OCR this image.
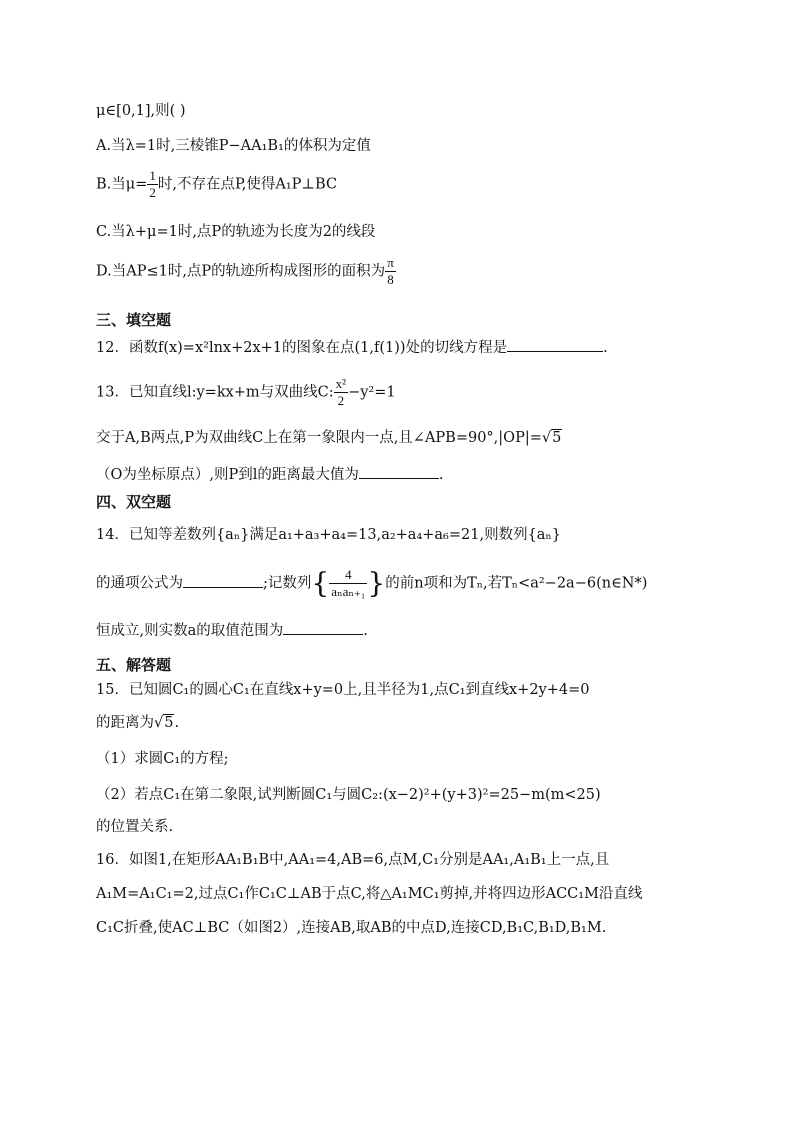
μ∈[0,1],则( )
A.当λ=1时,三棱锥P−AA₁B₁的体积为定值
B.当$\mu= \frac{1}{2}$ 时,不存在点P,使得A₁P⊥BC
C.当λ+μ=1时,点P的轨迹为长度为2的线段
D.当AP≤1时,点P的轨迹所构成图形的面积为 $\frac{\pi}{8}$
三、填空题
12．函数f(x)=x²lnx+2x+1的图象在点(1,f(1))处的切线方程是	.
13．已知直线l:y=kx+m与双曲线C: $\frac{\text{x²}}{2} -y^2=1$
交于A,B两点,P为双曲线C上在第一象限内一点,且∠APB=90°,|OP|=√5
（O为坐标原点）,则P到l的距离最大值为	.
四、双空题
14．已知等差数列{aₙ}满足a₁+a₃+a₄=13,a₂+a₄+a₆=21,则数列{aₙ}
的通项公式为	;记数列{ $\frac{4}{\text{aₙaₙ₊₁}}$ }的前n项和为Tₙ,若Tₙ<a²−2a−6(n∈N*)
恒成立,则实数a的取值范围为	.
五、解答题
15．已知圆C₁的圆心C₁在直线x+y=0上,且半径为1,点C₁到直线x+2y+4=0
的距离为√5.
（1）求圆C₁的方程;
（2）若点C₁在第二象限,试判断圆C₁与圆C₂:(x−2)²+(y+3)²=25−m(m<25)
的位置关系.
16．如图1,在矩形AA₁B₁B中,AA₁=4,AB=6,点M,C₁分别是AA₁,A₁B₁上一点,且
A₁M=A₁C₁=2,过点C₁作C₁C⊥AB于点C,将△A₁MC₁剪掉,并将四边形ACC₁M沿直线
C₁C折叠,使AC⊥BC（如图2）,连接AB,取AB的中点D,连接CD,B₁C,B₁D,B₁M.
